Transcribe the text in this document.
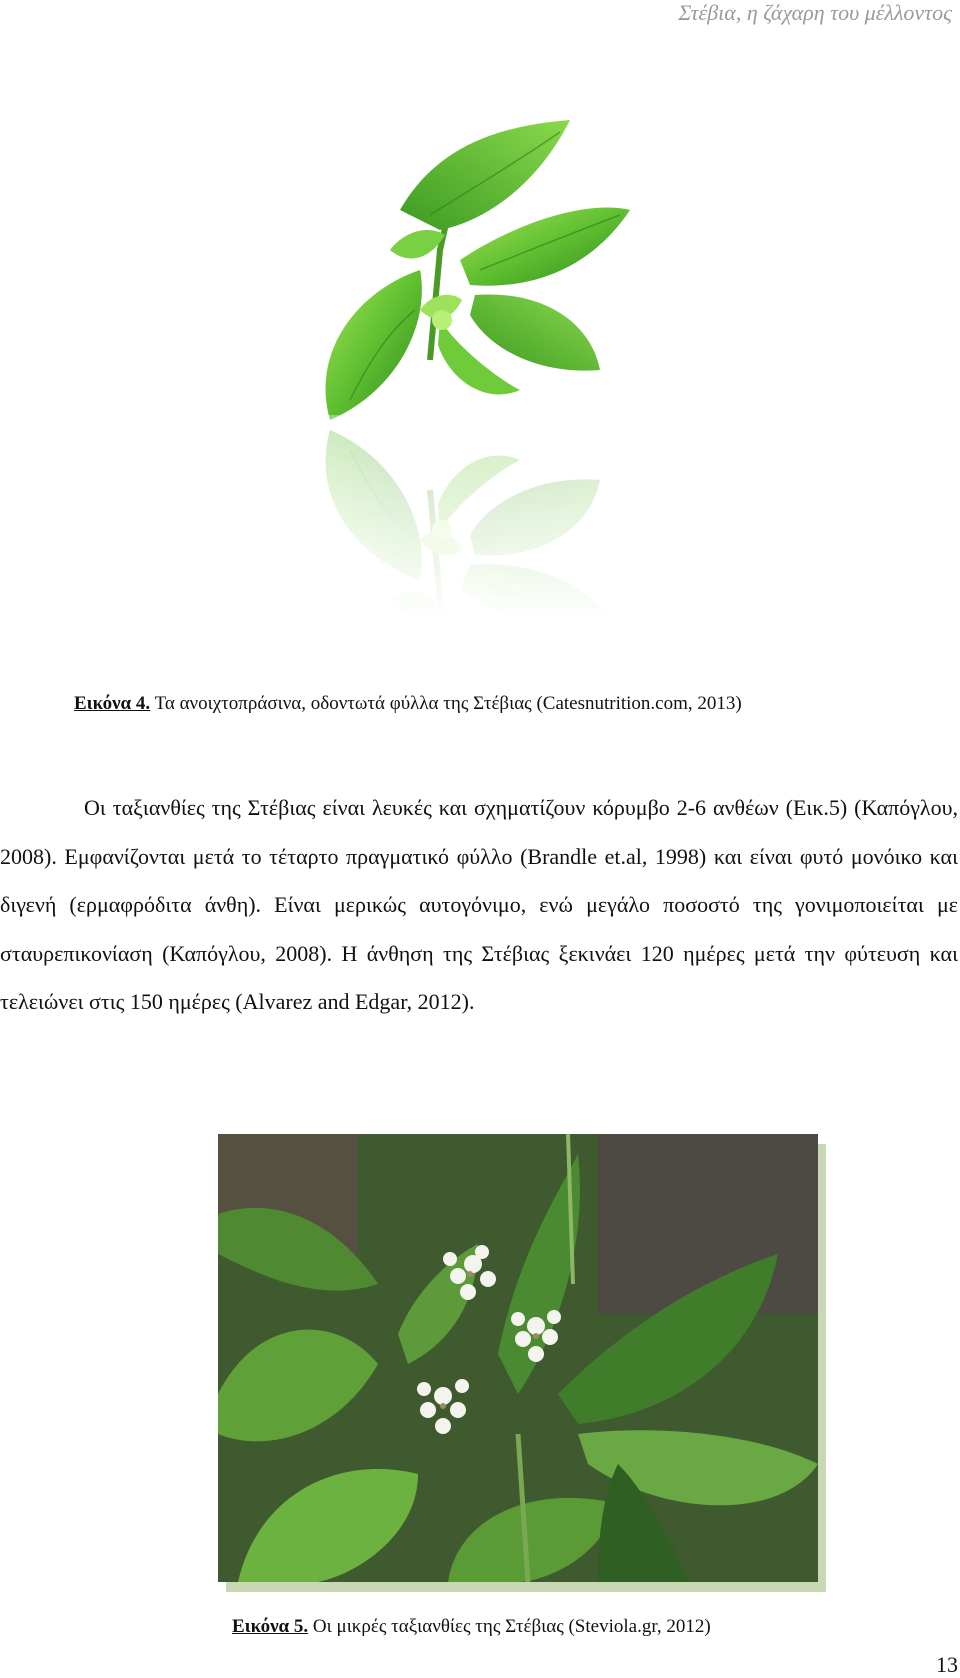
Στέβια, η ζάχαρη του μέλλοντος
Εικόνα 4. Τα ανοιχτοπράσινα, οδοντωτά φύλλα της Στέβιας (Catesnutrition.com, 2013)

Οι ταξιανθίες της Στέβιας είναι λευκές και σχηματίζουν κόρυμβο 2-6 ανθέων (Εικ.5) (Καπόγλου, 2008). Εμφανίζονται μετά το τέταρτο πραγματικό φύλλο (Brandle et.al, 1998) και είναι φυτό μονόικο και διγενή (ερμαφρόδιτα άνθη). Είναι μερικώς αυτογόνιμο, ενώ μεγάλο ποσοστό της γονιμοποιείται με σταυρεπικονίαση (Καπόγλου, 2008). Η άνθηση της Στέβιας ξεκινάει 120 ημέρες μετά την φύτευση και τελειώνει στις 150 ημέρες (Alvarez and Edgar, 2012).

Εικόνα 5. Οι μικρές ταξιανθίες της Στέβιας (Steviola.gr, 2012)
13
